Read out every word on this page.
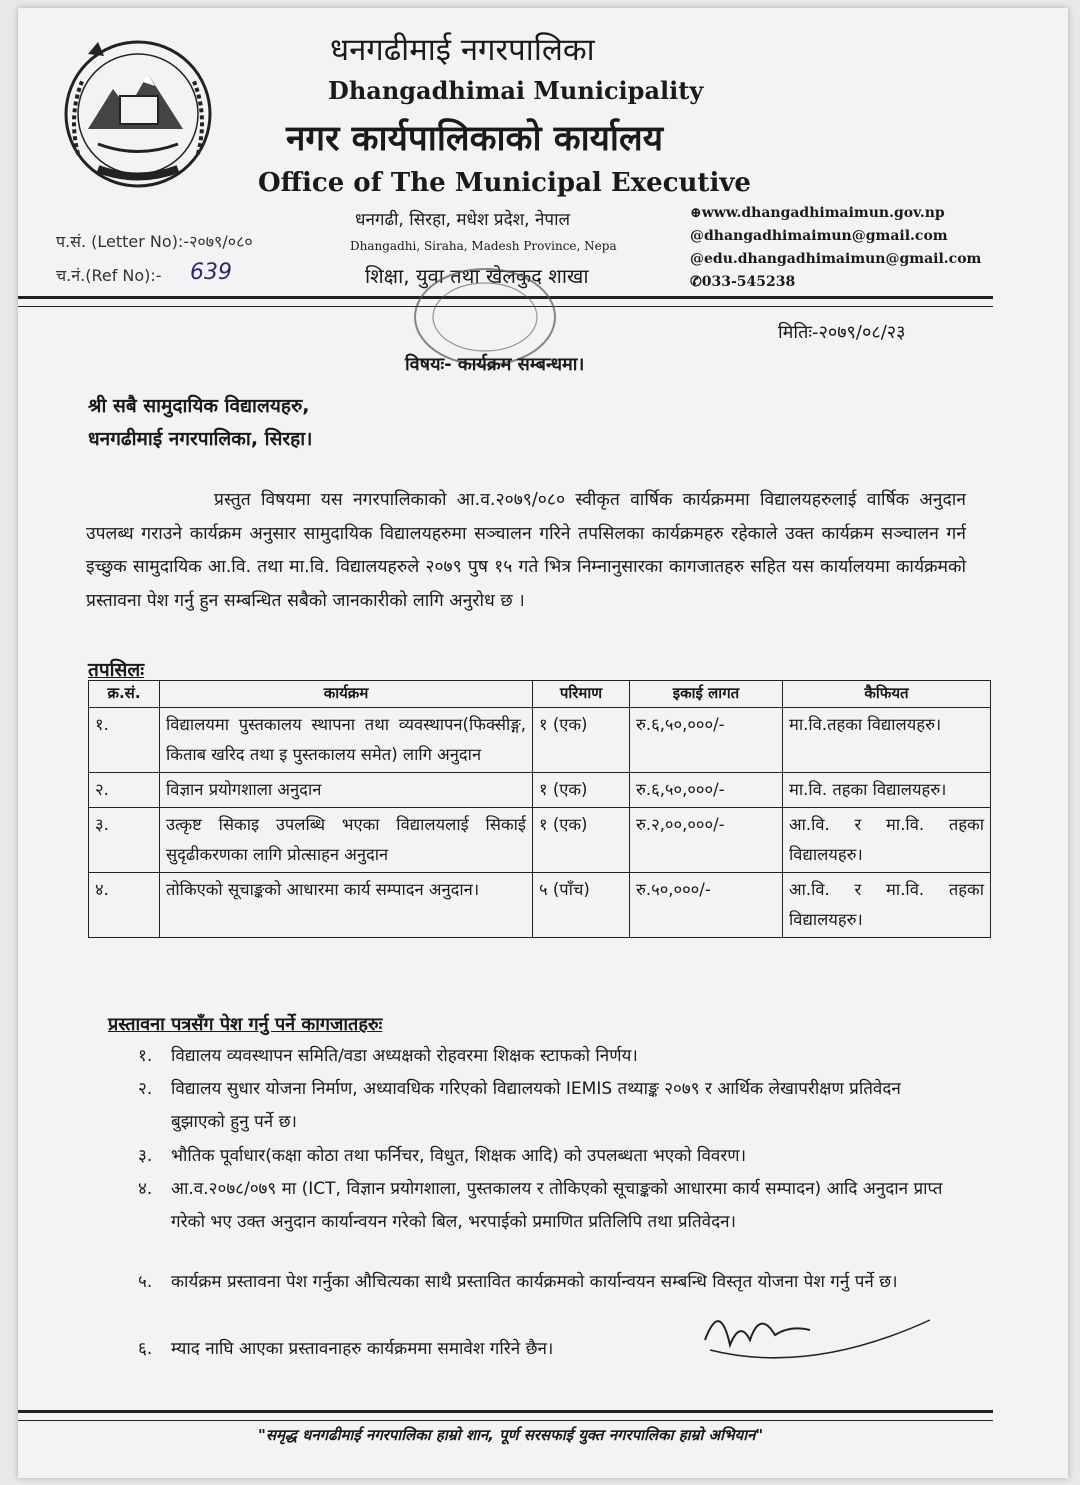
धनगढीमाई नगरपालिका
Dhangadhimai Municipality
नगर कार्यपालिकाको कार्यालय
Office of The Municipal Executive
धनगढी, सिरहा, मधेश प्रदेश, नेपाल
Dhangadhi, Siraha, Madesh Province, Nepa
शिक्षा, युवा तथा खेलकुद शाखा
⊕www.dhangadhimaimun.gov.np
@dhangadhimaimun@gmail.com
@edu.dhangadhimaimun@gmail.com
✆033-545238
प.सं. (Letter No):-२०७९/०८०
च.नं.(Ref No):- 639
मितिः-२०७९/०८/२३
विषयः- कार्यक्रम सम्बन्धमा।
श्री सबै सामुदायिक विद्यालयहरु,
धनगढीमाई नगरपालिका, सिरहा।
प्रस्तुत विषयमा यस नगरपालिकाको आ.व.२०७९/०८० स्वीकृत वार्षिक कार्यक्रममा विद्यालयहरुलाई वार्षिक अनुदान उपलब्ध गराउने कार्यक्रम अनुसार सामुदायिक विद्यालयहरुमा सञ्चालन गरिने तपसिलका कार्यक्रमहरु रहेकाले उक्त कार्यक्रम सञ्चालन गर्न इच्छुक सामुदायिक आ.वि. तथा मा.वि. विद्यालयहरुले २०७९ पुष १५ गते भित्र निम्नानुसारका कागजातहरु सहित यस कार्यालयमा कार्यक्रमको प्रस्तावना पेश गर्नु हुन सम्बन्धित सबैको जानकारीको लागि अनुरोध छ ।
तपसिलः
क्र.सं.	कार्यक्रम	परिमाण	इकाई लागत	कैफियत
१.	विद्यालयमा पुस्तकालय स्थापना तथा व्यवस्थापन(फिक्सीङ्ग, किताब खरिद तथा इ पुस्तकालय समेत) लागि अनुदान	१ (एक)	रु.६,५०,०००/-	मा.वि.तहका विद्यालयहरु।
२.	विज्ञान प्रयोगशाला अनुदान	१ (एक)	रु.६,५०,०००/-	मा.वि. तहका विद्यालयहरु।
३.	उत्कृष्ट सिकाइ उपलब्धि भएका विद्यालयलाई सिकाई सुदृढीकरणका लागि प्रोत्साहन अनुदान	१ (एक)	रु.२,००,०००/-	आ.वि. र मा.वि. तहका विद्यालयहरु।
४.	तोकिएको सूचाङ्कको आधारमा कार्य सम्पादन अनुदान।	५ (पाँच)	रु.५०,०००/-	आ.वि. र मा.वि. तहका विद्यालयहरु।
प्रस्तावना पत्रसँग पेश गर्नु पर्ने कागजातहरुः
१. विद्यालय व्यवस्थापन समिति/वडा अध्यक्षको रोहवरमा शिक्षक स्टाफको निर्णय।
२. विद्यालय सुधार योजना निर्माण, अध्यावधिक गरिएको विद्यालयको IEMIS तथ्याङ्क २०७९ र आर्थिक लेखापरीक्षण प्रतिवेदन बुझाएको हुनु पर्ने छ।
३. भौतिक पूर्वाधार(कक्षा कोठा तथा फर्निचर, विधुत, शिक्षक आदि) को उपलब्धता भएको विवरण।
४. आ.व.२०७८/०७९ मा (ICT, विज्ञान प्रयोगशाला, पुस्तकालय र तोकिएको सूचाङ्कको आधारमा कार्य सम्पादन) आदि अनुदान प्राप्त गरेको भए उक्त अनुदान कार्यान्वयन गरेको बिल, भरपाईको प्रमाणित प्रतिलिपि तथा प्रतिवेदन।
५. कार्यक्रम प्रस्तावना पेश गर्नुका औचित्यका साथै प्रस्तावित कार्यक्रमको कार्यान्वयन सम्बन्धि विस्तृत योजना पेश गर्नु पर्ने छ।
६. म्याद नाघि आएका प्रस्तावनाहरु कार्यक्रममा समावेश गरिने छैन।
"समृद्ध धनगढीमाई नगरपालिका हाम्रो शान, पूर्ण सरसफाई युक्त नगरपालिका हाम्रो अभियान"
